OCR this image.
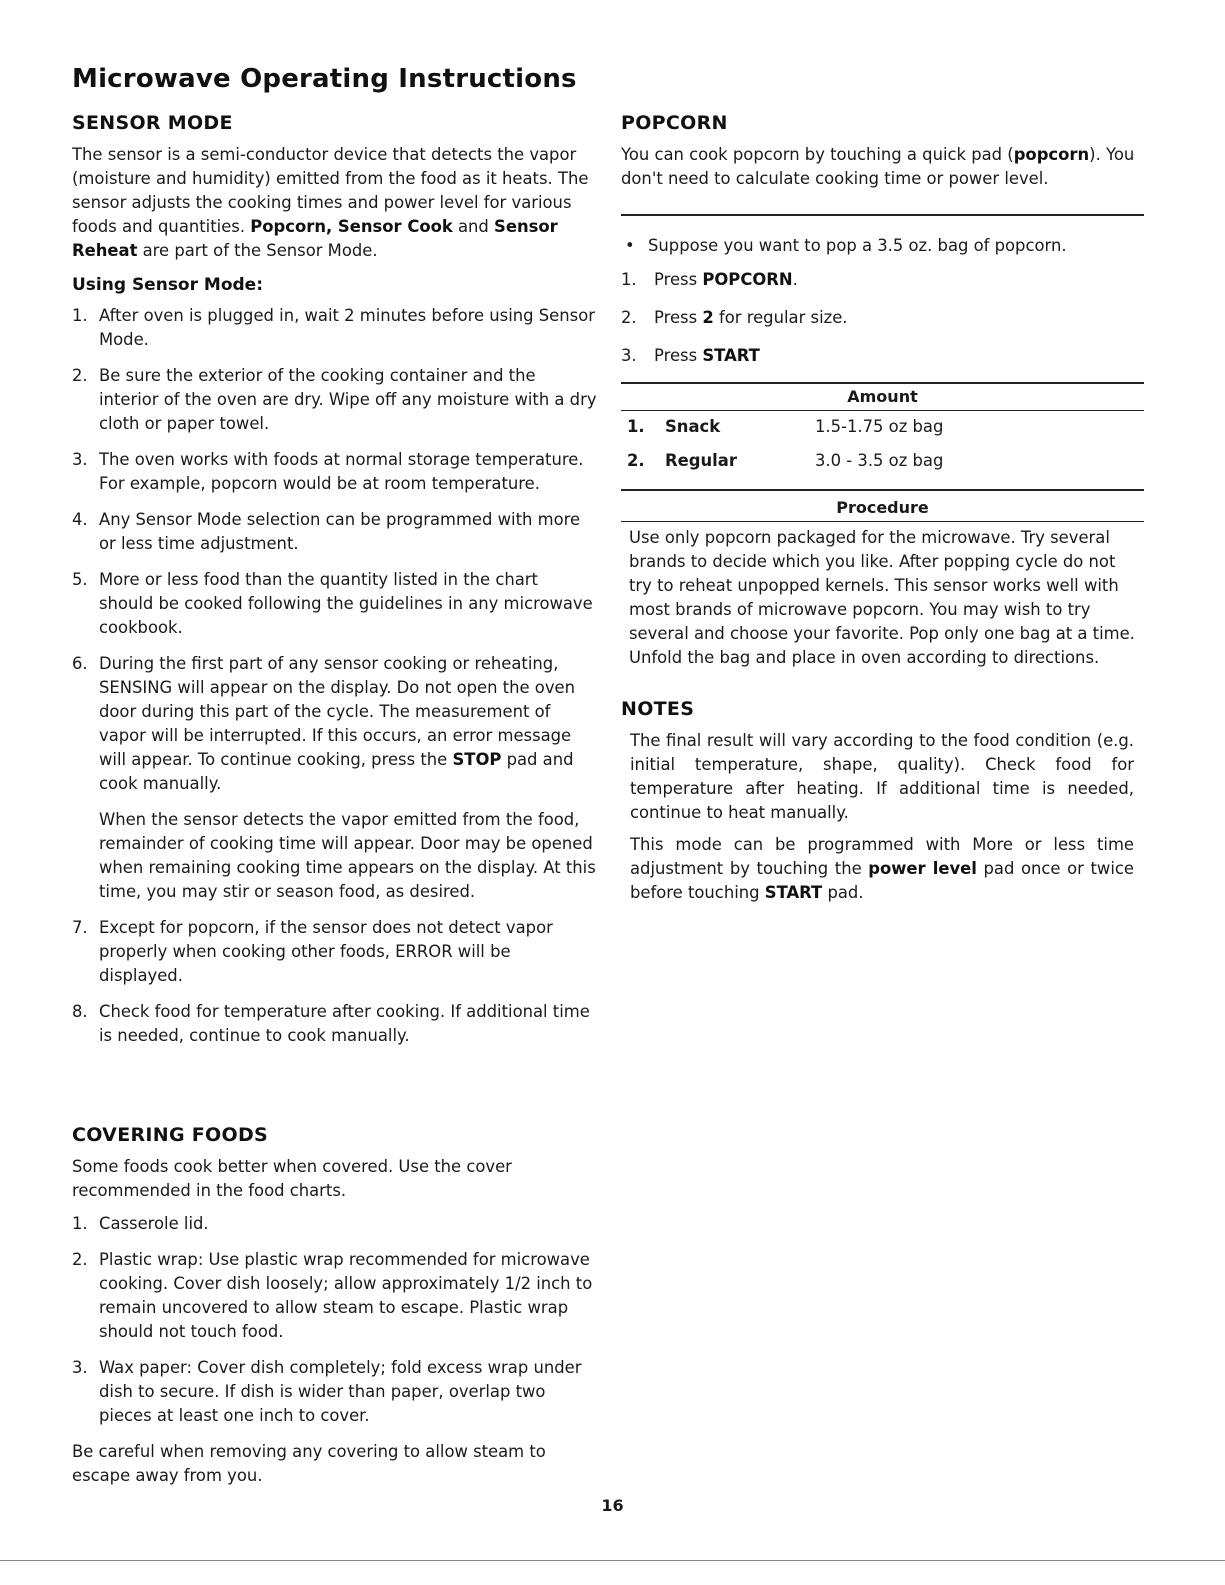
Microwave Operating Instructions
SENSOR MODE

The sensor is a semi-conductor device that detects the vapor (moisture and humidity) emitted from the food as it heats. The sensor adjusts the cooking times and power level for various foods and quantities. Popcorn, Sensor Cook and Sensor Reheat are part of the Sensor Mode.

Using Sensor Mode:
1. After oven is plugged in, wait 2 minutes before using Sensor Mode.

2. Be sure the exterior of the cooking container and the interior of the oven are dry. Wipe off any moisture with a dry cloth or paper towel.

3. The oven works with foods at normal storage temperature. For example, popcorn would be at room temperature.

4. Any Sensor Mode selection can be programmed with more or less time adjustment.

5. More or less food than the quantity listed in the chart should be cooked following the guidelines in any microwave cookbook.

6. During the first part of any sensor cooking or reheating, SENSING will appear on the display. Do not open the oven door during this part of the cycle. The measurement of vapor will be interrupted. If this occurs, an error message will appear. To continue cooking, press the STOP pad and cook manually.

When the sensor detects the vapor emitted from the food, remainder of cooking time will appear. Door may be opened when remaining cooking time appears on the display. At this time, you may stir or season food, as desired.

7. Except for popcorn, if the sensor does not detect vapor properly when cooking other foods, ERROR will be displayed.

8. Check food for temperature after cooking. If additional time is needed, continue to cook manually.

COVERING FOODS

Some foods cook better when covered. Use the cover recommended in the food charts.

1. Casserole lid.

2. Plastic wrap: Use plastic wrap recommended for microwave cooking. Cover dish loosely; allow approximately 1/2 inch to remain uncovered to allow steam to escape. Plastic wrap should not touch food.

3. Wax paper: Cover dish completely; fold excess wrap under dish to secure. If dish is wider than paper, overlap two pieces at least one inch to cover.

Be careful when removing any covering to allow steam to escape away from you.

POPCORN

You can cook popcorn by touching a quick pad (popcorn). You don't need to calculate cooking time or power level.

• Suppose you want to pop a 3.5 oz. bag of popcorn.
1.	Press POPCORN.
2.	Press 2 for regular size.
3.	Press START
Amount
1.	Snack	1.5-1.75 oz bag
2.	Regular	3.0 - 3.5 oz bag
Procedure

Use only popcorn packaged for the microwave. Try several brands to decide which you like. After popping cycle do not try to reheat unpopped kernels. This sensor works well with most brands of microwave popcorn. You may wish to try several and choose your favorite. Pop only one bag at a time. Unfold the bag and place in oven according to directions.

NOTES

The final result will vary according to the food condition (e.g. initial temperature, shape, quality). Check food for temperature after heating. If additional time is needed, continue to heat manually.

This mode can be programmed with More or less time adjustment by touching the power level pad once or twice before touching START pad.

16
